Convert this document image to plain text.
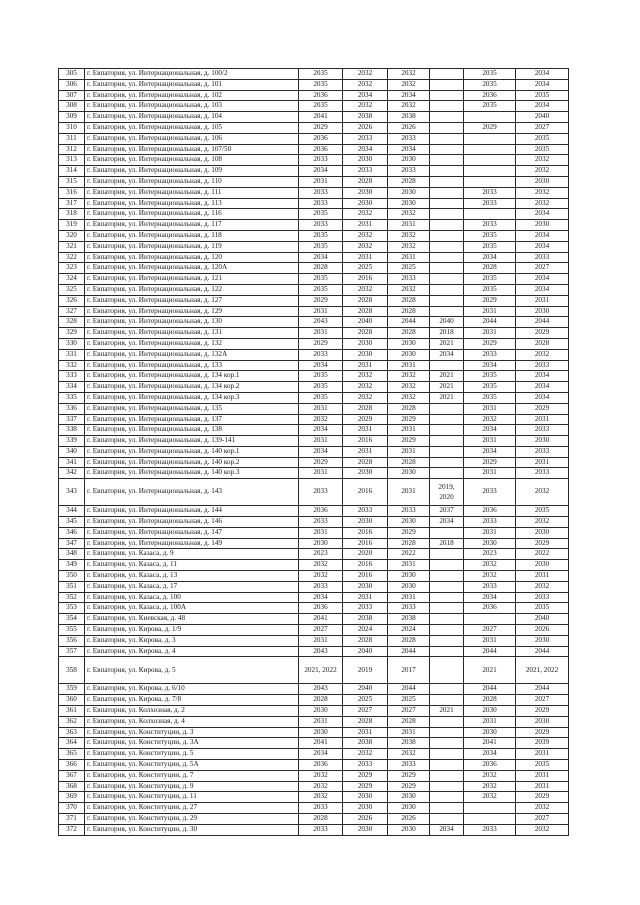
305	г. Евпатория, ул. Интернациональная, д. 100/2	2035	2032	2032		2035	2034
306	г. Евпатория, ул. Интернациональная, д. 101	2035	2032	2032		2035	2034
307	г. Евпатория, ул. Интернациональная, д. 102	2036	2034	2034		2036	2035
308	г. Евпатория, ул. Интернациональная, д. 103	2035	2032	2032		2035	2034
309	г. Евпатория, ул. Интернациональная, д. 104	2041	2038	2038			2040
310	г. Евпатория, ул. Интернациональная, д. 105	2029	2026	2026		2029	2027
311	г. Евпатория, ул. Интернациональная, д. 106	2036	2033	2033			2035
312	г. Евпатория, ул. Интернациональная, д. 107/50	2036	2034	2034			2035
313	г. Евпатория, ул. Интернациональная, д. 108	2033	2030	2030			2032
314	г. Евпатория, ул. Интернациональная, д. 109	2034	2033	2033			2032
315	г. Евпатория, ул. Интернациональная, д. 110	2031	2028	2028			2030
316	г. Евпатория, ул. Интернациональная, д. 111	2033	2030	2030		2033	2032
317	г. Евпатория, ул. Интернациональная, д. 113	2033	2030	2030		2033	2032
318	г. Евпатория, ул. Интернациональная, д. 116	2035	2032	2032			2034
319	г. Евпатория, ул. Интернациональная, д. 117	2033	2031	2031		2033	2030
320	г. Евпатория, ул. Интернациональная, д. 118	2035	2032	2032		2035	2034
321	г. Евпатория, ул. Интернациональная, д. 119	2035	2032	2032		2035	2034
322	г. Евпатория, ул. Интернациональная, д. 120	2034	2031	2031		2034	2033
323	г. Евпатория, ул. Интернациональная, д. 120А	2028	2025	2025		2028	2027
324	г. Евпатория, ул. Интернациональная, д. 121	2035	2016	2033		2035	2034
325	г. Евпатория, ул. Интернациональная, д. 122	2035	2032	2032		2035	2034
326	г. Евпатория, ул. Интернациональная, д. 127	2029	2028	2028		2029	2031
327	г. Евпатория, ул. Интернациональная, д. 129	2031	2028	2028		2031	2030
328	г. Евпатория, ул. Интернациональная, д. 130	2043	2040	2044	2040	2044	2044
329	г. Евпатория, ул. Интернациональная, д. 131	2031	2028	2028	2018	2031	2029
330	г. Евпатория, ул. Интернациональная, д. 132	2029	2030	2030	2021	2029	2028
331	г. Евпатория, ул. Интернациональная, д. 132А	2033	2030	2030	2034	2033	2032
332	г. Евпатория, ул. Интернациональная, д. 133	2034	2031	2031		2034	2033
333	г. Евпатория, ул. Интернациональная, д. 134 кор.1	2035	2032	2032	2021	2035	2034
334	г. Евпатория, ул. Интернациональная, д. 134 кор.2	2035	2032	2032	2021	2035	2034
335	г. Евпатория, ул. Интернациональная, д. 134 кор.3	2035	2032	2032	2021	2035	2034
336	г. Евпатория, ул. Интернациональная, д. 135	2031	2028	2028		2031	2029
337	г. Евпатория, ул. Интернациональная, д. 137	2032	2029	2029		2032	2031
338	г. Евпатория, ул. Интернациональная, д. 138	2034	2031	2031		2034	2033
339	г. Евпатория, ул. Интернациональная, д. 139-141	2031	2016	2029		2031	2030
340	г. Евпатория, ул. Интернациональная, д. 140 кор.1	2034	2031	2031		2034	2033
341	г. Евпатория, ул. Интернациональная, д. 140 кор.2	2029	2028	2028		2029	2031
342	г. Евпатория, ул. Интернациональная, д. 140 кор.3	2031	2030	2030		2031	2033
343	г. Евпатория, ул. Интернациональная, д. 143	2033	2016	2031	2019, 2020	2033	2032
344	г. Евпатория, ул. Интернациональная, д. 144	2036	2033	2033	2037	2036	2035
345	г. Евпатория, ул. Интернациональная, д. 146	2033	2030	2030	2034	2033	2032
346	г. Евпатория, ул. Интернациональная, д. 147	2031	2016	2029		2031	2030
347	г. Евпатория, ул. Интернациональная, д. 149	2030	2016	2028	2018	2030	2029
348	г. Евпатория, ул. Казаса, д. 9	2023	2020	2022		2023	2022
349	г. Евпатория, ул. Казаса, д. 11	2032	2016	2031		2032	2030
350	г. Евпатория, ул. Казаса, д. 13	2032	2016	2030		2032	2031
351	г. Евпатория, ул. Казаса, д. 17	2033	2030	2030		2033	2032
352	г. Евпатория, ул. Казаса, д. 100	2034	2031	2031		2034	2033
353	г. Евпатория, ул. Казаса, д. 100А	2036	2033	2033		2036	2035
354	г. Евпатория, ул. Киевская, д. 48	2041	2038	2038			2040
355	г. Евпатория, ул. Кирова, д. 1/9	2027	2024	2024		2027	2026
356	г. Евпатория, ул. Кирова, д. 3	2031	2028	2028		2031	2030
357	г. Евпатория, ул. Кирова, д. 4	2043	2040	2044		2044	2044
358	г. Евпатория, ул. Кирова, д. 5	2021, 2022	2019	2017		2021	2021, 2022
359	г. Евпатория, ул. Кирова, д. 6/10	2043	2040	2044		2044	2044
360	г. Евпатория, ул. Кирова, д. 7/8	2028	2025	2025		2028	2027
361	г. Евпатория, ул. Колхозная, д. 2	2030	2027	2027	2021	2030	2029
362	г. Евпатория, ул. Колхозная, д. 4	2031	2028	2028		2031	2030
363	г. Евпатория, ул. Конституции, д. 3	2030	2031	2031		2030	2029
364	г. Евпатория, ул. Конституции, д. 3А	2041	2038	2038		2041	2039
365	г. Евпатория, ул. Конституции, д. 5	2034	2032	2032		2034	2031
366	г. Евпатория, ул. Конституции, д. 5А	2036	2033	2033		2036	2035
367	г. Евпатория, ул. Конституции, д. 7	2032	2029	2029		2032	2031
368	г. Евпатория, ул. Конституции, д. 9	2032	2029	2029		2032	2031
369	г. Евпатория, ул. Конституции, д. 11	2032	2030	2030		2032	2029
370	г. Евпатория, ул. Конституции, д. 27	2033	2030	2030			2032
371	г. Евпатория, ул. Конституции, д. 29	2028	2026	2026			2027
372	г. Евпатория, ул. Конституции, д. 30	2033	2030	2030	2034	2033	2032
